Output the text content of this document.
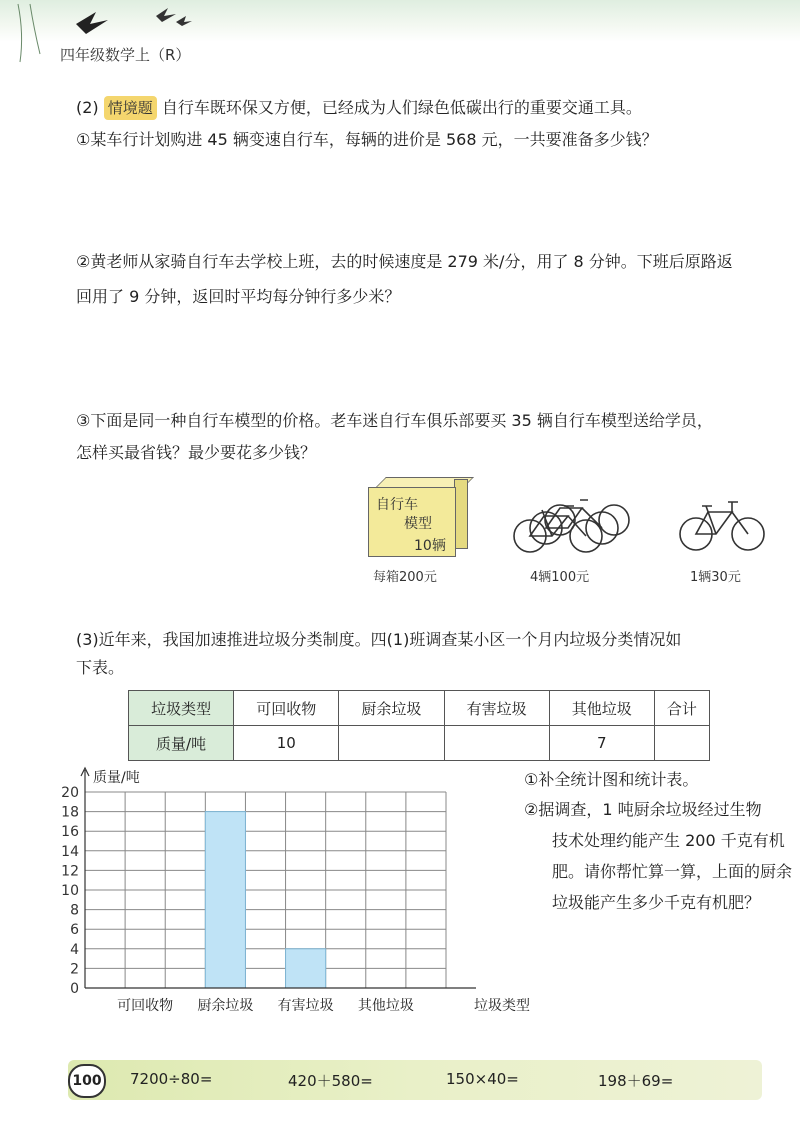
四年级数学上（R）
(2) 情境题 自行车既环保又方便，已经成为人们绿色低碳出行的重要交通工具。
①某车行计划购进 45 辆变速自行车，每辆的进价是 568 元，一共要准备多少钱？
②黄老师从家骑自行车去学校上班，去的时候速度是 279 米/分，用了 8 分钟。下班后原路返
回用了 9 分钟，返回时平均每分钟行多少米？
③下面是同一种自行车模型的价格。老车迷自行车俱乐部要买 35 辆自行车模型送给学员，
怎样买最省钱？最少要花多少钱？
自行车
模型
10辆
每箱200元	4辆100元	1辆30元
(3)近年来，我国加速推进垃圾分类制度。四(1)班调查某小区一个月内垃圾分类情况如
下表。
垃圾类型	可回收物	厨余垃圾	有害垃圾	其他垃圾	合计
质量/吨	10			7	
0
2
4
6
8
10
12
14
16
18
20
可回收物 厨余垃圾 有害垃圾 其他垃圾
质量/吨
垃圾类型
①补全统计图和统计表。
②据调查，1 吨厨余垃圾经过生物
技术处理约能产生 200 千克有机
肥。请你帮忙算一算，上面的厨余
垃圾能产生多少千克有机肥？
100 7200÷80=	420＋580=	150×40=	198＋69=
